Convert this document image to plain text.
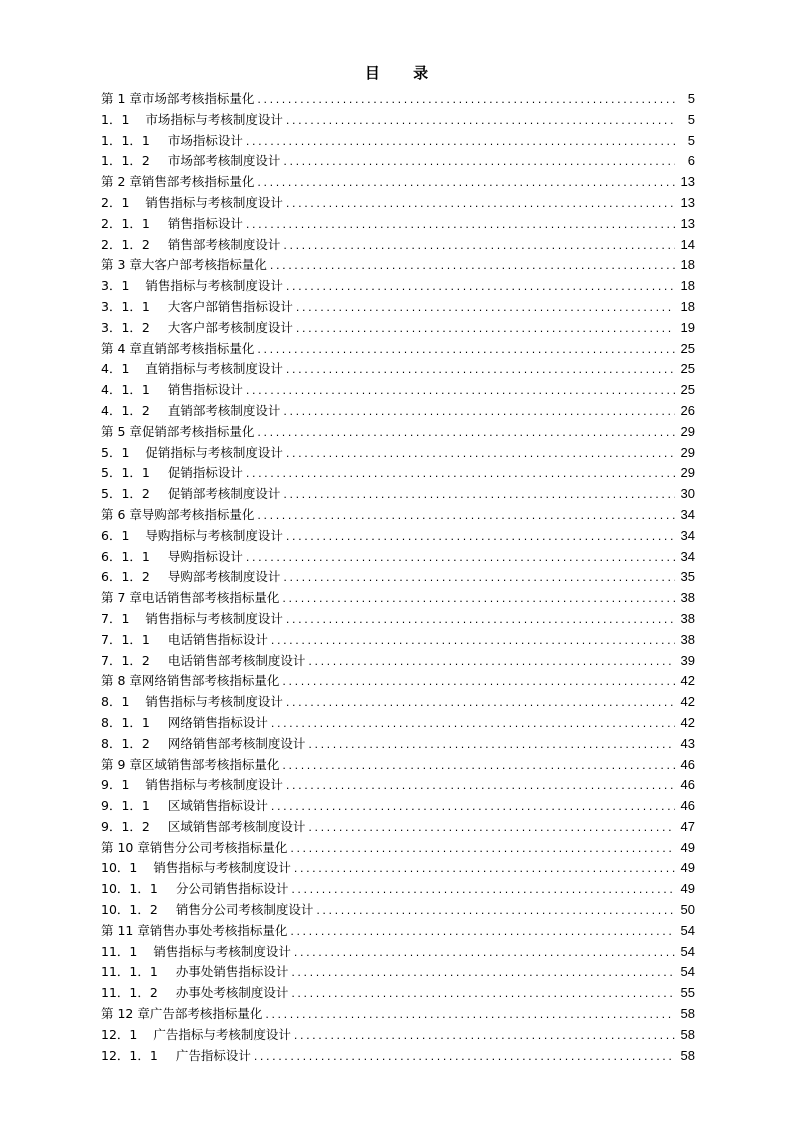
目 录
第 1 章市场部考核指标量化 .....	5
1．1 市场指标与考核制度设计 .....	5
1．1．1 市场指标设计 .....	5
1．1．2 市场部考核制度设计 .....	6
第 2 章销售部考核指标量化 .....	13
2．1 销售指标与考核制度设计 .....	13
2．1．1 销售指标设计 .....	13
2．1．2 销售部考核制度设计 .....	14
第 3 章大客户部考核指标量化 .....	18
3．1 销售指标与考核制度设计 .....	18
3．1．1 大客户部销售指标设计 .....	18
3．1．2 大客户部考核制度设计 .....	19
第 4 章直销部考核指标量化 .....	25
4．1 直销指标与考核制度设计 .....	25
4．1．1 销售指标设计 .....	25
4．1．2 直销部考核制度设计 .....	26
第 5 章促销部考核指标量化 .....	29
5．1 促销指标与考核制度设计 .....	29
5．1．1 促销指标设计 .....	29
5．1．2 促销部考核制度设计 .....	30
第 6 章导购部考核指标量化 .....	34
6．1 导购指标与考核制度设计 .....	34
6．1．1 导购指标设计 .....	34
6．1．2 导购部考核制度设计 .....	35
第 7 章电话销售部考核指标量化 .....	38
7．1 销售指标与考核制度设计 .....	38
7．1．1 电话销售指标设计 .....	38
7．1．2 电话销售部考核制度设计 .....	39
第 8 章网络销售部考核指标量化 .....	42
8．1 销售指标与考核制度设计 .....	42
8．1．1 网络销售指标设计 .....	42
8．1．2 网络销售部考核制度设计 .....	43
第 9 章区域销售部考核指标量化 .....	46
9．1 销售指标与考核制度设计 .....	46
9．1．1 区域销售指标设计 .....	46
9．1．2 区域销售部考核制度设计 .....	47
第 10 章销售分公司考核指标量化 .....	49
10．1 销售指标与考核制度设计 .....	49
10．1．1 分公司销售指标设计 .....	49
10．1．2 销售分公司考核制度设计 .....	50
第 11 章销售办事处考核指标量化 .....	54
11．1 销售指标与考核制度设计 .....	54
11．1．1 办事处销售指标设计 .....	54
11．1．2 办事处考核制度设计 .....	55
第 12 章广告部考核指标量化 .....	58
12．1 广告指标与考核制度设计 .....	58
12．1．1 广告指标设计 .....	58
